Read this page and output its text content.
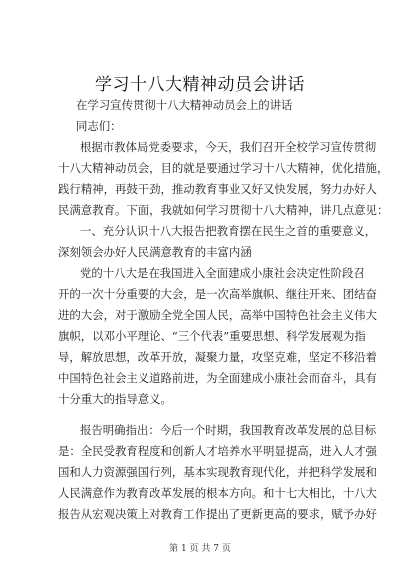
学习十八大精神动员会讲话
在学习宣传贯彻十八大精神动员会上的讲话
同志们：
根据市教体局党委要求，今天，我们召开全校学习宣传贯彻
十八大精神动员会，目的就是要通过学习十八大精神，优化措施，
践行精神，再鼓干劲，推动教育事业又好又快发展，努力办好人
民满意教育。下面，我就如何学习贯彻十八大精神，讲几点意见：
一、充分认识十八大报告把教育摆在民生之首的重要意义，
深刻领会办好人民满意教育的丰富内涵
党的十八大是在我国进入全面建成小康社会决定性阶段召
开的一次十分重要的大会，是一次高举旗帜、继往开来、团结奋
进的大会，对于激励全党全国人民，高举中国特色社会主义伟大
旗帜，以邓小平理论、“三个代表”重要思想、科学发展观为指
导，解放思想，改革开放，凝聚力量，攻坚克难，坚定不移沿着
中国特色社会主义道路前进，为全面建成小康社会而奋斗，具有
十分重大的指导意义。
报告明确指出：今后一个时期，我国教育改革发展的总目标
是：全民受教育程度和创新人才培养水平明显提高，进入人才强
国和人力资源强国行列，基本实现教育现代化，并把科学发展和
人民满意作为教育改革发展的根本方向。和十七大相比，十八大
报告从宏观决策上对教育工作提出了更新更高的要求，赋予办好
第 1 页 共 7 页
